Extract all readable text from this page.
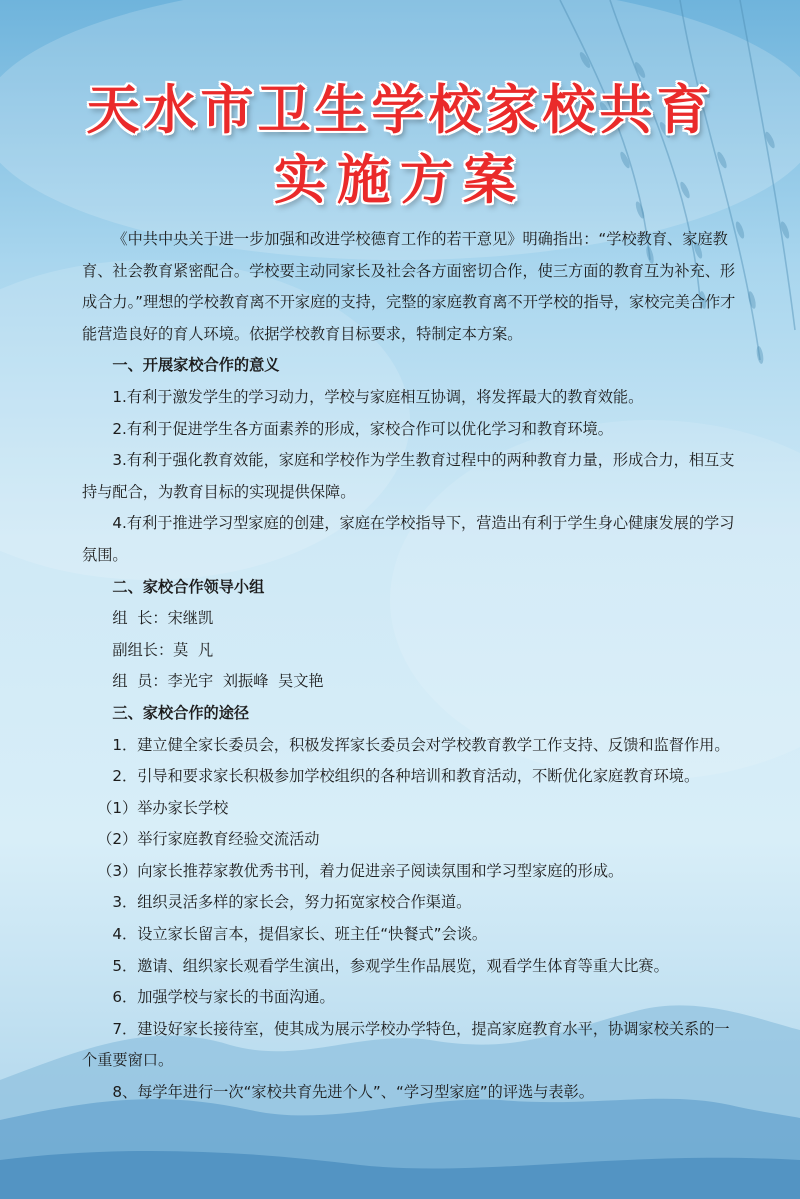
天水市卫生学校家校共育
实施方案

《中共中央关于进一步加强和改进学校德育工作的若干意见》明确指出：“学校教育、家庭教育、社会教育紧密配合。学校要主动同家长及社会各方面密切合作，使三方面的教育互为补充、形成合力。”理想的学校教育离不开家庭的支持，完整的家庭教育离不开学校的指导，家校完美合作才能营造良好的育人环境。依据学校教育目标要求，特制定本方案。

一、开展家校合作的意义

1.有利于激发学生的学习动力，学校与家庭相互协调，将发挥最大的教育效能。

2.有利于促进学生各方面素养的形成，家校合作可以优化学习和教育环境。

3.有利于强化教育效能，家庭和学校作为学生教育过程中的两种教育力量，形成合力，相互支持与配合，为教育目标的实现提供保障。

4.有利于推进学习型家庭的创建，家庭在学校指导下，营造出有利于学生身心健康发展的学习氛围。

二、家校合作领导小组

组  长：宋继凯

副组长：莫  凡

组  员：李光宇  刘振峰  吴文艳

三、家校合作的途径

1．建立健全家长委员会，积极发挥家长委员会对学校教育教学工作支持、反馈和监督作用。

2．引导和要求家长积极参加学校组织的各种培训和教育活动，不断优化家庭教育环境。

（1）举办家长学校

（2）举行家庭教育经验交流活动

（3）向家长推荐家教优秀书刊，着力促进亲子阅读氛围和学习型家庭的形成。

3．组织灵活多样的家长会，努力拓宽家校合作渠道。

4．设立家长留言本，提倡家长、班主任“快餐式”会谈。

5．邀请、组织家长观看学生演出，参观学生作品展览，观看学生体育等重大比赛。

6．加强学校与家长的书面沟通。

7．建设好家长接待室，使其成为展示学校办学特色，提高家庭教育水平，协调家校关系的一个重要窗口。

8、每学年进行一次“家校共育先进个人”、“学习型家庭”的评选与表彰。
